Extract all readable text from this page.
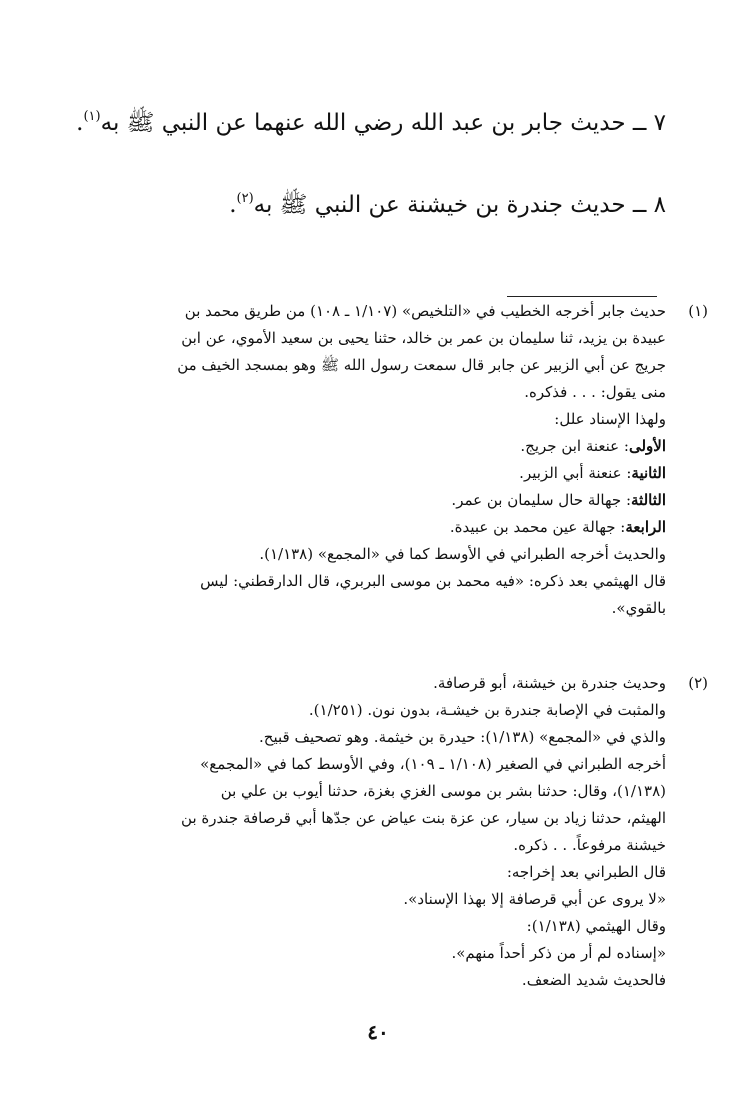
٧ ــ حديث جابر بن عبد الله رضي الله عنهما عن النبي ﷺ به$^{(١)}$.
٨ ــ حديث جندرة بن خيشنة عن النبي ﷺ به$^{(٢)}$.
(١)
حديث جابر أخرجه الخطيب في «التلخيص» (١/١٠٧ ـ ١٠٨) من طريق محمد بن
عبيدة بن يزيد، ثنا سليمان بن عمر بن خالد، حثنا يحيى بن سعيد الأموي، عن ابن
جريج عن أبي الزبير عن جابر قال سمعت رسول الله ﷺ وهو بمسجد الخيف من
منى يقول: . . . فذكره.
ولهذا الإسناد علل:
الأولى: عنعنة ابن جريج.
الثانية: عنعنة أبي الزبير.
الثالثة: جهالة حال سليمان بن عمر.
الرابعة: جهالة عين محمد بن عبيدة.
والحديث أخرجه الطبراني في الأوسط كما في «المجمع» (١/١٣٨).
قال الهيثمي بعد ذكره: «فيه محمد بن موسى البربري، قال الدارقطني: ليس
بالقوي».
(٢)
وحديث جندرة بن خيشنة، أبو قرصافة.
والمثبت في الإصابة جندرة بن خيشـة، بدون نون. (١/٢٥١).
والذي في «المجمع» (١/١٣٨): حيدرة بن خيثمة. وهو تصحيف قبيح.
أخرجه الطبراني في الصغير (١/١٠٨ ـ ١٠٩)، وفي الأوسط كما في «المجمع»
(١/١٣٨)، وقال: حدثنا بشر بن موسى الغزي بغزة، حدثنا أيوب بن علي بن
الهيثم، حدثنا زياد بن سيار، عن عزة بنت عياض عن جدّها أبي قرصافة جندرة بن
خيشنة مرفوعاً. . . ذكره.
قال الطبراني بعد إخراجه:
«لا يروى عن أبي قرصافة إلا بهذا الإسناد».
وقال الهيثمي (١/١٣٨):
«إسناده لم أر من ذكر أحداً منهم».
فالحديث شديد الضعف.
٤٠
